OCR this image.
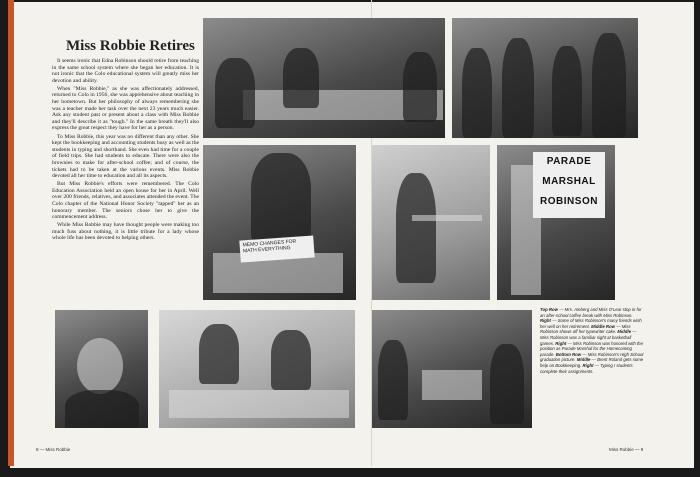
Miss Robbie Retires

It seems ironic that Edna Robinson should retire from teaching in the same school system where she began her education. It is not ironic that the Colo educational system will greatly miss her devotion and ability.

When "Miss Robbie," as she was affectionately addressed, returned to Colo in 1956, she was apprehensive about teaching in her hometown. But her philosophy of always remembering she was a teacher made her task over the next 23 years much easier. Ask any student past or present about a class with Miss Robbie and they'll describe it as "tough." In the same breath they'll also express the great respect they have for her as a person.

To Miss Robbie, this year was no different than any other. She kept the bookkeeping and accounting students busy as well as the students in typing and shorthand. She even had time for a couple of field trips. She had students to educate. There were also the brownies to make for after-school coffee; and of course, the tickets had to be taken at the various events. Miss Robbie devoted all her time to education and all its aspects.

But Miss Robbie's efforts were remembered. The Colo Education Association held an open house for her in April. Well over 200 friends, relatives, and associates attended the event. The Colo chapter of the National Honor Society "tapped" her as an honorary member. The seniors chose her to give the commencement address.

While Miss Robbie may have thought people were making too much fuss about nothing, it is little tribute for a lady whose whole life has been devoted to helping others.

MEMO CHANGES FOR MATH EVERYTHING
PARADE
MARSHAL
ROBINSON
Top Row — Mrs. Amberg and Miss O'Lear stop in for an after-school coffee break with Miss Robinson. Right — Some of Miss Robinson's many friends wish her well on her retirement. Middle Row — Miss Robinson shows off her typewriter cake. Middle — Miss Robinson was a familiar sight at basketball games. Right — Miss Robinson was honored with the position as Parade Marshal for the Homecoming parade. Bottom Row — Miss Robinson's High School graduation picture. Middle — Brent Roland gets some help on Bookkeeping. Right — Typing I students complete their assignments.
8 — Miss Robbie	Miss Robbie — 9
